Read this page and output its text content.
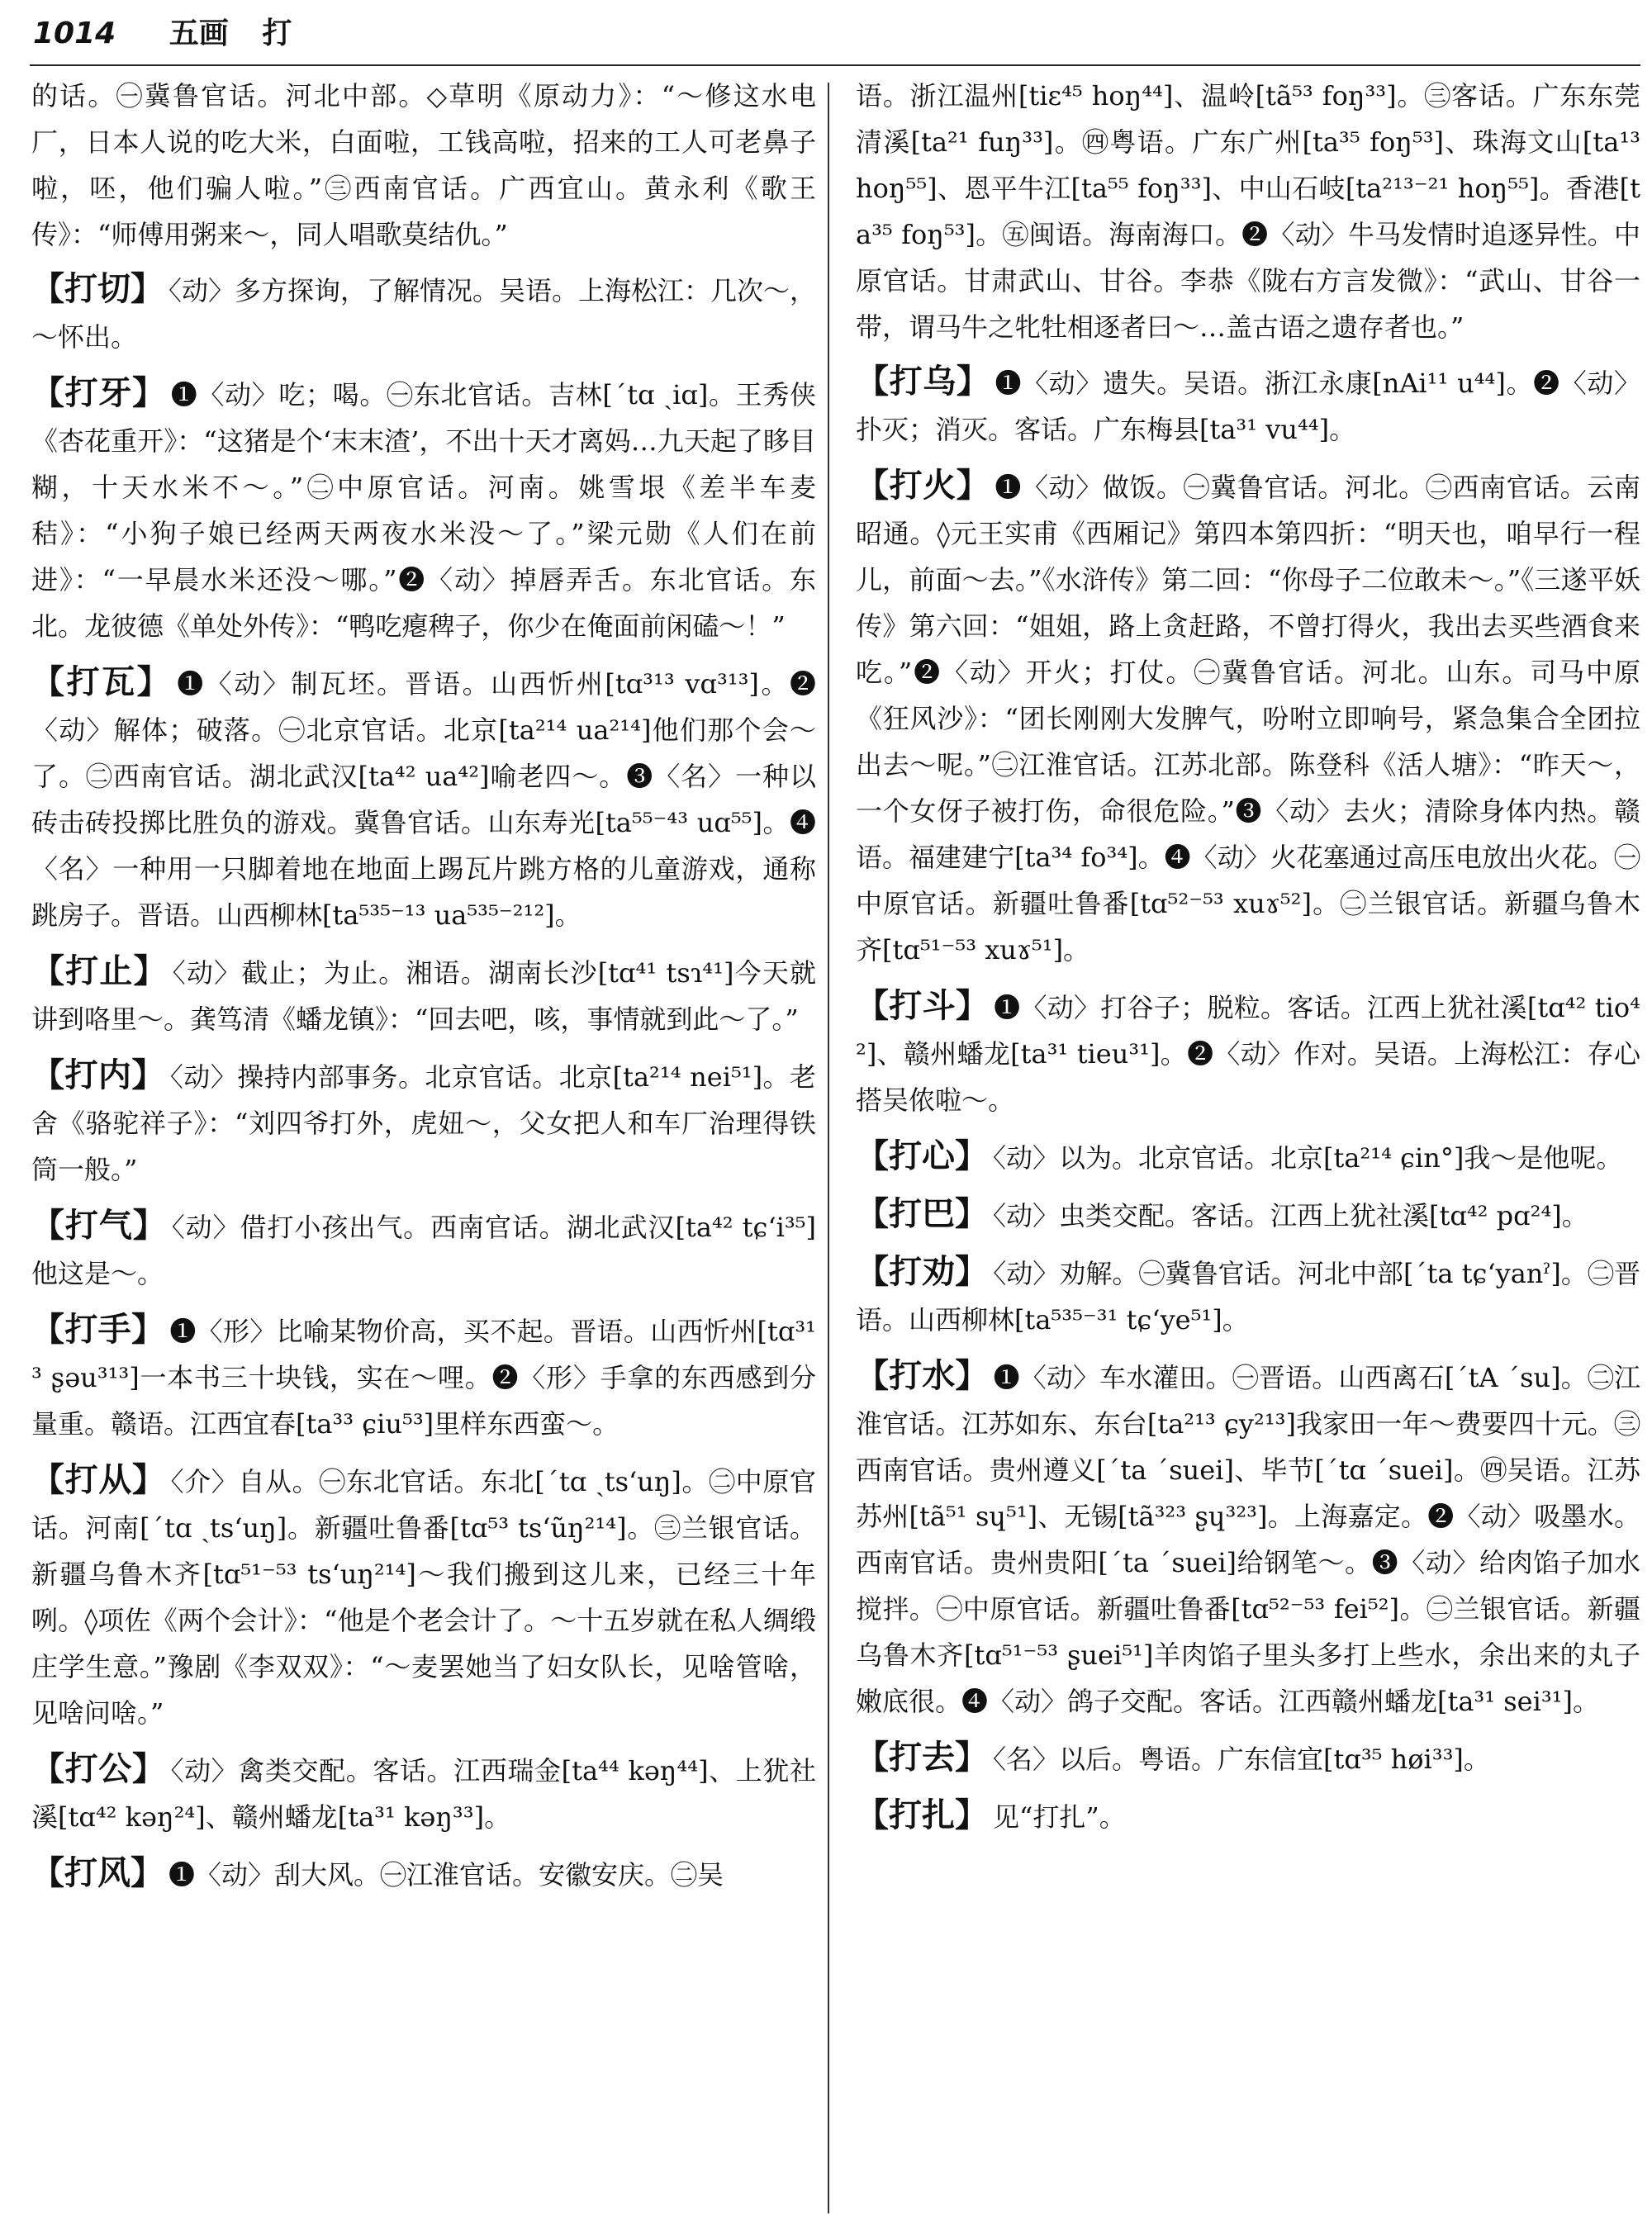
1014 五画 打

的话。㊀冀鲁官话。河北中部。◇草明《原动力》：“～修这水电厂，日本人说的吃大米，白面啦，工钱高啦，招来的工人可老鼻子啦，呸，他们骗人啦。”㊂西南官话。广西宜山。黄永利《歌王传》：“师傅用粥来～，同人唱歌莫结仇。”

【打切】 〈动〉多方探询，了解情况。吴语。上海松江：几次～，～怀出。

【打牙】 ❶〈动〉吃；喝。㊀东北官话。吉林[ˊtɑ ˏiɑ]。王秀侠《杏花重开》：“这猪是个‘末末渣’，不出十天才离妈…九天起了眵目糊，十天水米不～。”㊁中原官话。河南。姚雪垠《差半车麦秸》：“小狗子娘已经两天两夜水米没～了。”梁元勋《人们在前进》：“一早晨水米还没～哪。”❷〈动〉掉唇弄舌。东北官话。东北。龙彼德《单处外传》：“鸭吃瘪稗子，你少在俺面前闲磕～！”

【打瓦】 ❶〈动〉制瓦坯。晋语。山西忻州[tɑ³¹³ vɑ³¹³]。❷〈动〉解体；破落。㊀北京官话。北京[ta²¹⁴ ua²¹⁴]他们那个会～了。㊁西南官话。湖北武汉[ta⁴² ua⁴²]喻老四～。❸〈名〉一种以砖击砖投掷比胜负的游戏。冀鲁官话。山东寿光[ta⁵⁵⁻⁴³ uɑ⁵⁵]。❹〈名〉一种用一只脚着地在地面上踢瓦片跳方格的儿童游戏，通称跳房子。晋语。山西柳林[ta⁵³⁵⁻¹³ ua⁵³⁵⁻²¹²]。

【打止】 〈动〉截止；为止。湘语。湖南长沙[tɑ⁴¹ tsɿ⁴¹]今天就讲到咯里～。龚笃清《蟠龙镇》：“回去吧，咳，事情就到此～了。”

【打内】 〈动〉操持内部事务。北京官话。北京[ta²¹⁴ nei⁵¹]。老舍《骆驼祥子》：“刘四爷打外，虎妞～，父女把人和车厂治理得铁筒一般。”

【打气】 〈动〉借打小孩出气。西南官话。湖北武汉[ta⁴² tɕʻi³⁵]他这是～。

【打手】 ❶〈形〉比喻某物价高，买不起。晋语。山西忻州[tɑ³¹³ ʂəu³¹³]一本书三十块钱，实在～哩。❷〈形〉手拿的东西感到分量重。赣语。江西宜春[ta³³ ɕiu⁵³]里样东西蛮～。

【打从】 〈介〉自从。㊀东北官话。东北[ˊtɑ ˏtsʻuŋ]。㊁中原官话。河南[ˊtɑ ˏtsʻuŋ]。新疆吐鲁番[tɑ⁵³ tsʻũŋ²¹⁴]。㊂兰银官话。新疆乌鲁木齐[tɑ⁵¹⁻⁵³ tsʻuŋ²¹⁴]～我们搬到这儿来，已经三十年咧。◊项佐《两个会计》：“他是个老会计了。～十五岁就在私人绸缎庄学生意。”豫剧《李双双》：“～麦罢她当了妇女队长，见啥管啥，见啥问啥。”

【打公】 〈动〉禽类交配。客话。江西瑞金[ta⁴⁴ kəŋ⁴⁴]、上犹社溪[tɑ⁴² kəŋ²⁴]、赣州蟠龙[ta³¹ kəŋ³³]。

【打风】 ❶〈动〉刮大风。㊀江淮官话。安徽安庆。㊁吴

语。浙江温州[tiɛ⁴⁵ hoŋ⁴⁴]、温岭[tã⁵³ foŋ³³]。㊂客话。广东东莞清溪[ta²¹ fuŋ³³]。㊃粤语。广东广州[ta³⁵ foŋ⁵³]、珠海文山[ta¹³ hoŋ⁵⁵]、恩平牛江[ta⁵⁵ foŋ³³]、中山石岐[ta²¹³⁻²¹ hoŋ⁵⁵]。香港[ta³⁵ foŋ⁵³]。㊄闽语。海南海口。❷〈动〉牛马发情时追逐异性。中原官话。甘肃武山、甘谷。李恭《陇右方言发微》：“武山、甘谷一带，谓马牛之牝牡相逐者曰～…盖古语之遗存者也。”

【打乌】 ❶〈动〉遗失。吴语。浙江永康[nAi¹¹ u⁴⁴]。❷〈动〉扑灭；消灭。客话。广东梅县[ta³¹ vu⁴⁴]。

【打火】 ❶〈动〉做饭。㊀冀鲁官话。河北。㊁西南官话。云南昭通。◊元王实甫《西厢记》第四本第四折：“明天也，咱早行一程儿，前面～去。”《水浒传》第二回：“你母子二位敢未～。”《三遂平妖传》第六回：“姐姐，路上贪赶路，不曾打得火，我出去买些酒食来吃。”❷〈动〉开火；打仗。㊀冀鲁官话。河北。山东。司马中原《狂风沙》：“团长刚刚大发脾气，吩咐立即响号，紧急集合全团拉出去～呢。”㊁江淮官话。江苏北部。陈登科《活人塘》：“昨天～，一个女伢子被打伤，命很危险。”❸〈动〉去火；清除身体内热。赣语。福建建宁[ta³⁴ fo³⁴]。❹〈动〉火花塞通过高压电放出火花。㊀中原官话。新疆吐鲁番[tɑ⁵²⁻⁵³ xuɤ⁵²]。㊁兰银官话。新疆乌鲁木齐[tɑ⁵¹⁻⁵³ xuɤ⁵¹]。

【打斗】 ❶〈动〉打谷子；脱粒。客话。江西上犹社溪[tɑ⁴² tio⁴²]、赣州蟠龙[ta³¹ tieu³¹]。❷〈动〉作对。吴语。上海松江：存心搭吴侬啦～。

【打心】 〈动〉以为。北京官话。北京[ta²¹⁴ ɕin°]我～是他呢。

【打巴】 〈动〉虫类交配。客话。江西上犹社溪[tɑ⁴² pɑ²⁴]。

【打劝】 〈动〉劝解。㊀冀鲁官话。河北中部[ˊta tɕʻyanˀ]。㊁晋语。山西柳林[ta⁵³⁵⁻³¹ tɕʻye⁵¹]。

【打水】 ❶〈动〉车水灌田。㊀晋语。山西离石[ˊtA ˊsu]。㊁江淮官话。江苏如东、东台[ta²¹³ ɕy²¹³]我家田一年～费要四十元。㊂西南官话。贵州遵义[ˊta ˊsuei]、毕节[ˊtɑ ˊsuei]。㊃吴语。江苏苏州[tã⁵¹ sɥ⁵¹]、无锡[tã³²³ ʂɥ³²³]。上海嘉定。❷〈动〉吸墨水。西南官话。贵州贵阳[ˊta ˊsuei]给钢笔～。❸〈动〉给肉馅子加水搅拌。㊀中原官话。新疆吐鲁番[tɑ⁵²⁻⁵³ fei⁵²]。㊁兰银官话。新疆乌鲁木齐[tɑ⁵¹⁻⁵³ ʂuei⁵¹]羊肉馅子里头多打上些水，余出来的丸子嫩底很。❹〈动〉鸽子交配。客话。江西赣州蟠龙[ta³¹ sei³¹]。

【打去】 〈名〉以后。粤语。广东信宜[tɑ³⁵ høi³³]。

【打扎】 见“打扎”。
